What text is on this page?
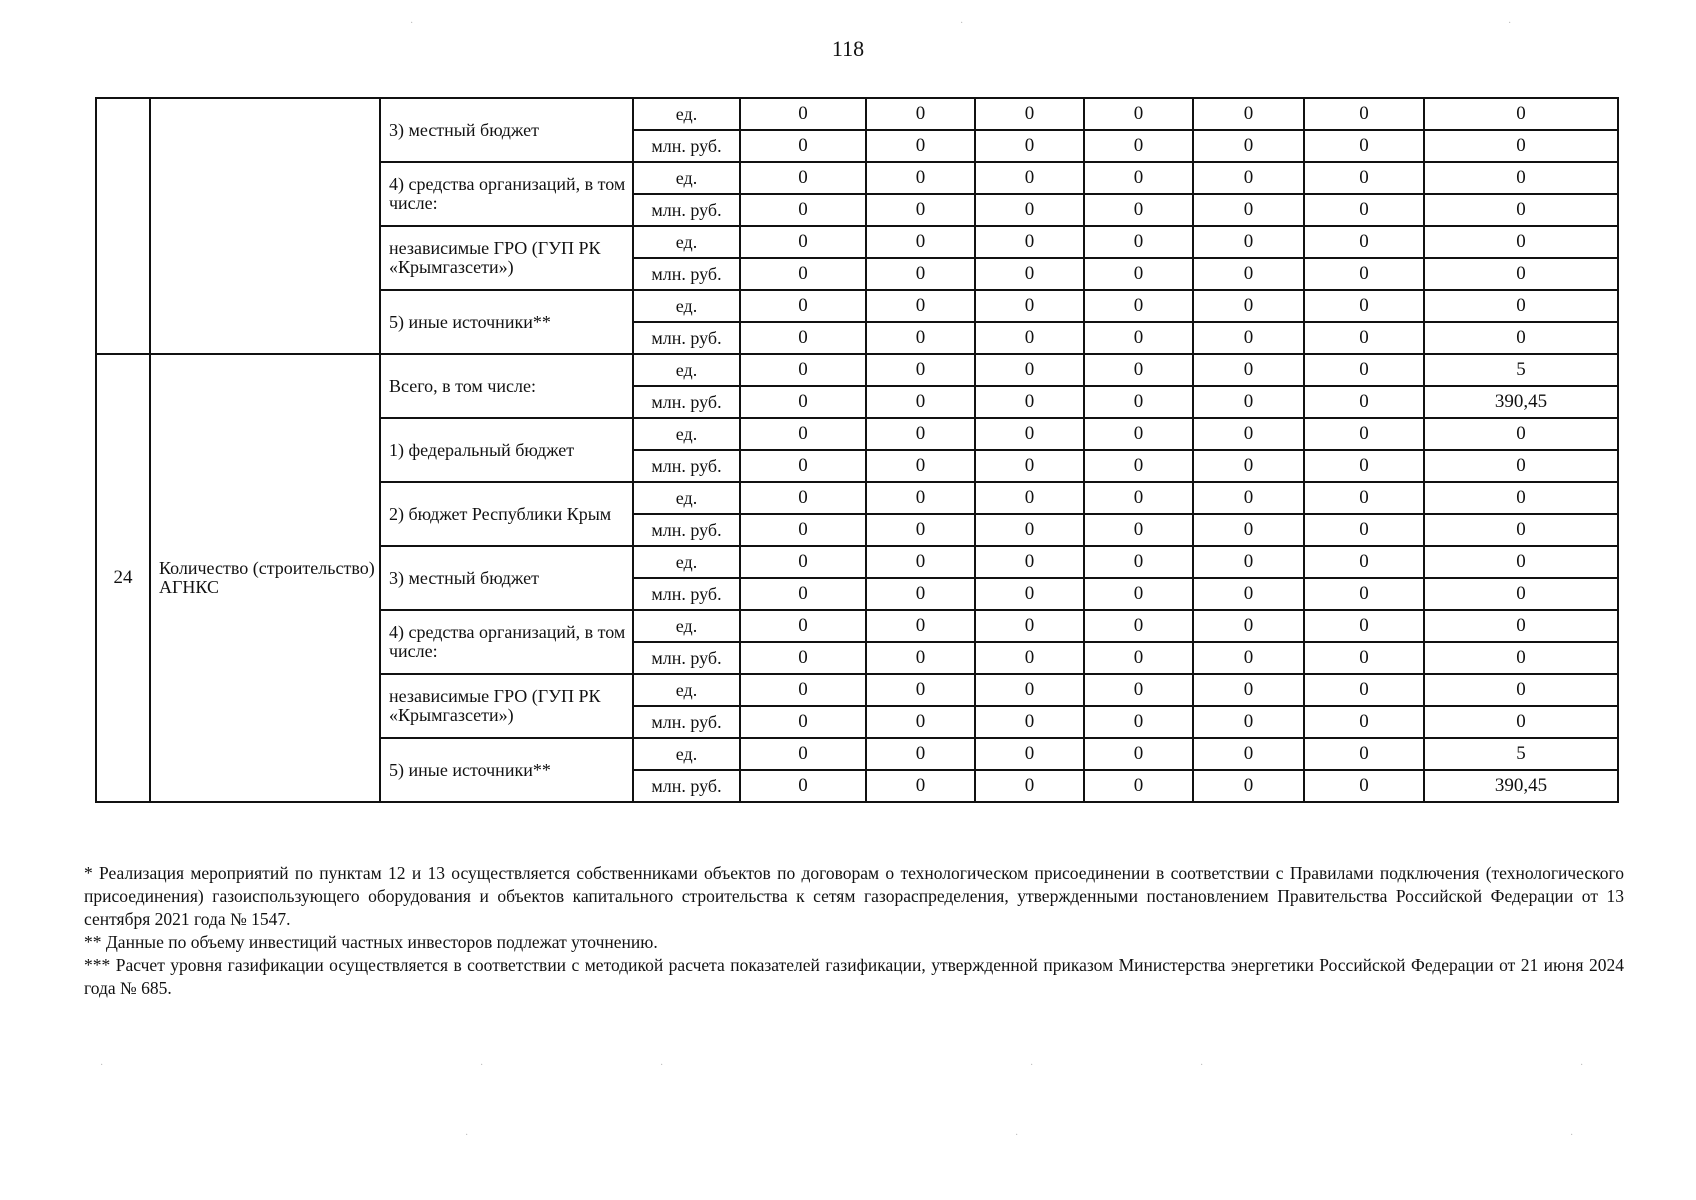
118
		3) местный бюджет	ед.	0	0	0	0	0	0	0
			млн. руб.	0	0	0	0	0	0	0
		4) средства организаций, в том числе:	ед.	0	0	0	0	0	0	0
			млн. руб.	0	0	0	0	0	0	0
		независимые ГРО (ГУП РК «Крымгазсети»)	ед.	0	0	0	0	0	0	0
			млн. руб.	0	0	0	0	0	0	0
		5) иные источники**	ед.	0	0	0	0	0	0	0
			млн. руб.	0	0	0	0	0	0	0
24	Количество (строительство) АГНКС	Всего, в том числе:	ед.	0	0	0	0	0	0	5
			млн. руб.	0	0	0	0	0	0	390,45
		1) федеральный бюджет	ед.	0	0	0	0	0	0	0
			млн. руб.	0	0	0	0	0	0	0
		2) бюджет Республики Крым	ед.	0	0	0	0	0	0	0
			млн. руб.	0	0	0	0	0	0	0
		3) местный бюджет	ед.	0	0	0	0	0	0	0
			млн. руб.	0	0	0	0	0	0	0
		4) средства организаций, в том числе:	ед.	0	0	0	0	0	0	0
			млн. руб.	0	0	0	0	0	0	0
		независимые ГРО (ГУП РК «Крымгазсети»)	ед.	0	0	0	0	0	0	0
			млн. руб.	0	0	0	0	0	0	0
		5) иные источники**	ед.	0	0	0	0	0	0	5
			млн. руб.	0	0	0	0	0	0	390,45

* Реализация мероприятий по пунктам 12 и 13 осуществляется собственниками объектов по договорам о технологическом присоединении в соответствии с Правилами подключения (технологического присоединения) газоиспользующего оборудования и объектов капитального строительства к сетям газораспределения, утвержденными постановлением Правительства Российской Федерации от 13 сентября 2021 года № 1547.

** Данные по объему инвестиций частных инвесторов подлежат уточнению.

*** Расчет уровня газификации осуществляется в соответствии с методикой расчета показателей газификации, утвержденной приказом Министерства энергетики Российской Федерации от 21 июня 2024 года № 685.

·	·	·
·	·	·	·	·	·
·	·	·
